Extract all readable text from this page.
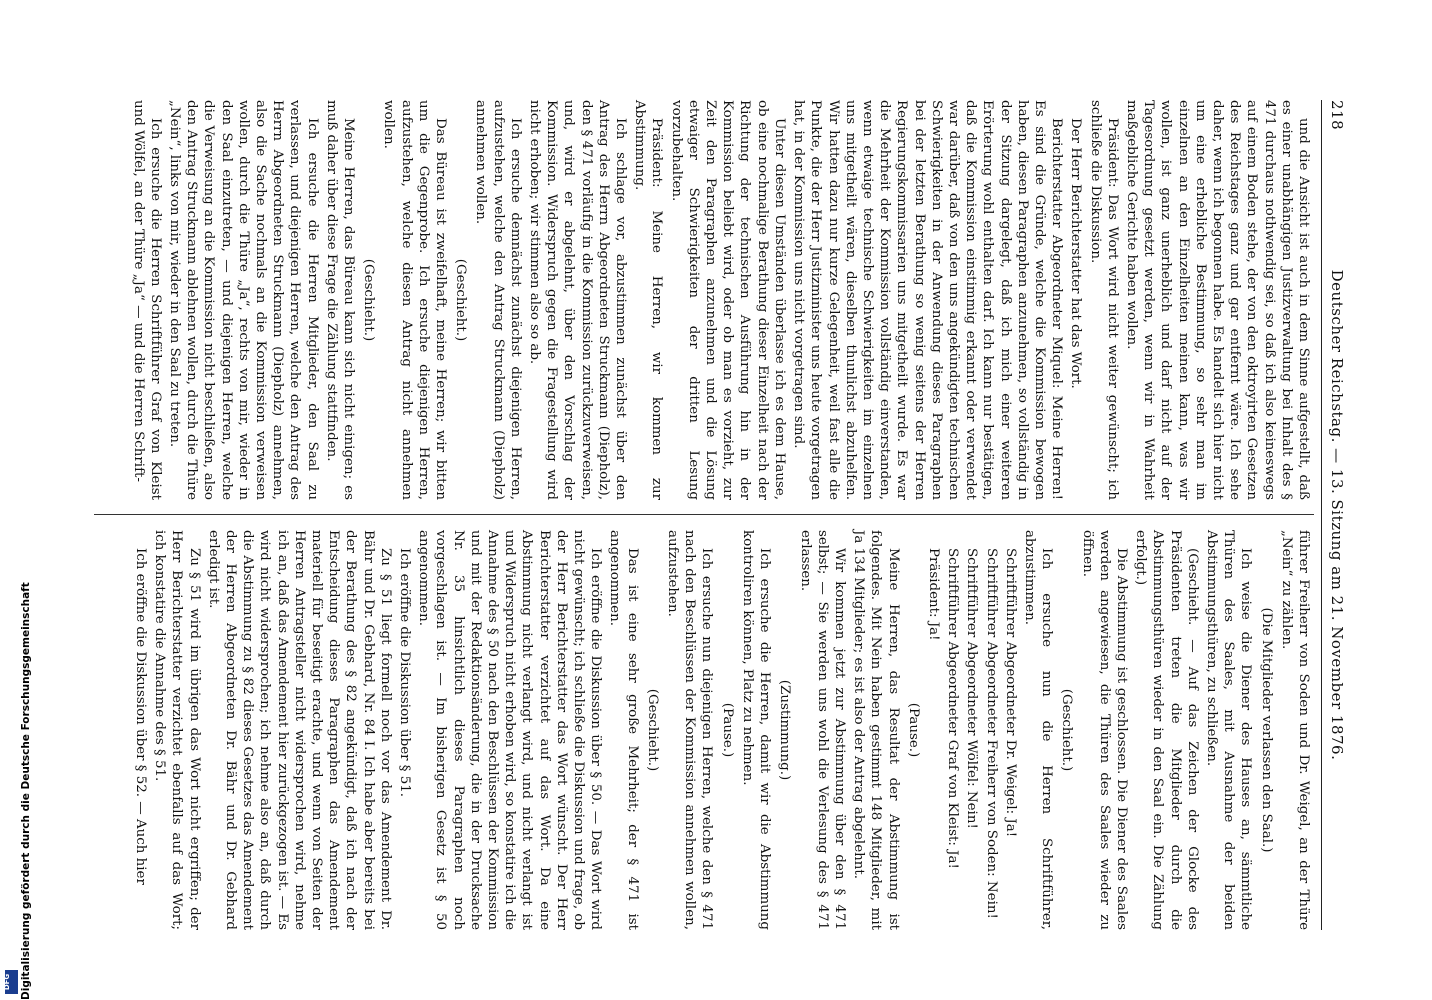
218
Deutscher Reichstag. — 13. Sitzung am 21. November 1876.

und die Ansicht ist auch in dem Sinne aufgestellt, daß es einer unabhängigen Justizverwaltung bei Inhalt des § 471 durchaus nothwendig sei, so daß ich also keineswegs auf einem Boden stehe, der von den oktroyirten Gesetzen des Reichstages ganz und gar entfernt wäre. Ich sehe daher, wenn ich begonnen habe. Es handelt sich hier nicht um eine erhebliche Bestimmung, so sehr man im einzelnen an den Einzelheiten meinen kann, was wir wollen, ist ganz unerheblich und darf nicht auf der Tagesordnung gesetzt werden, wenn wir in Wahrheit maßgebliche Gerichte haben wollen.

Präsident: Das Wort wird nicht weiter gewünscht; ich schließe die Diskussion.

Der Herr Berichterstatter hat das Wort.

Berichterstatter Abgeordneter Miquel: Meine Herren! Es sind die Gründe, welche die Kommission bewogen haben, diesen Paragraphen anzunehmen, so vollständig in der Sitzung dargelegt, daß ich mich einer weiteren Erörterung wohl enthalten darf. Ich kann nur bestätigen, daß die Kommission einstimmig erkannt oder verwendet war darüber, daß von den uns angekündigten technischen Schwierigkeiten in der Anwendung dieses Paragraphen bei der letzten Berathung so wenig seitens der Herren Regierungskommissarien uns mitgetheilt wurde. Es war die Mehrheit der Kommission vollständig einverstanden, wenn etwaige technische Schwierigkeiten im einzelnen uns mitgetheilt wären, dieselben thunlichst abzuhelfen. Wir hatten dazu nur kurze Gelegenheit, weil fast alle die Punkte, die der Herr Justizminister uns heute vorgetragen hat, in der Kommission uns nicht vorgetragen sind.

Unter diesen Umständen überlasse ich es dem Hause, ob eine nochmalige Berathung dieser Einzelheit nach der Richtung der technischen Ausführung hin in der Kommission beliebt wird, oder ob man es vorzieht, zur Zeit den Paragraphen anzunehmen und die Lösung etwaiger Schwierigkeiten der dritten Lesung vorzubehalten.

Präsident: Meine Herren, wir kommen zur Abstimmung.

Ich schlage vor, abzustimmen zunächst über den Antrag des Herrn Abgeordneten Struckmann (Diepholz), den § 471 vorläufig in die Kommission zurückzuverweisen, und, wird er abgelehnt, über den Vorschlag der Kommission. Widerspruch gegen die Fragestellung wird nicht erhoben; wir stimmen also so ab.

Ich ersuche demnächst zunächst diejenigen Herren, aufzustehen, welche den Antrag Struckmann (Diepholz) annehmen wollen.

(Geschieht.)

Das Büreau ist zweifelhaft, meine Herren; wir bitten um die Gegenprobe. Ich ersuche diejenigen Herren, aufzustehen, welche diesen Antrag nicht annehmen wollen.

(Geschieht.)

Meine Herren, das Büreau kann sich nicht einigen; es muß daher über diese Frage die Zählung stattfinden.

Ich ersuche die Herren Mitglieder, den Saal zu verlassen, und diejenigen Herren, welche den Antrag des Herrn Abgeordneten Struckmann (Diepholz) annehmen, also die Sache nochmals an die Kommission verweisen wollen, durch die Thüre „Ja“, rechts von mir, wieder in den Saal einzutreten, — und diejenigen Herren, welche die Verweisung an die Kommission nicht beschließen, also den Antrag Struckmann ablehnen wollen, durch die Thüre „Nein“, links von mir, wieder in den Saal zu treten.

Ich ersuche die Herren Schriftführer Graf von Kleist und Wölfel, an der Thüre „Ja“ — und die Herren Schrift-

führer Freiherr von Soden und Dr. Weigel, an der Thüre „Nein“ zu zählen.

(Die Mitglieder verlassen den Saal.)

Ich weise die Diener des Hauses an, sämmtliche Thüren des Saales, mit Ausnahme der beiden Abstimmungsthüren, zu schließen.

(Geschieht. — Auf das Zeichen der Glocke des Präsidenten treten die Mitglieder durch die Abstimmungsthüren wieder in den Saal ein. Die Zählung erfolgt.)

Die Abstimmung ist geschlossen. Die Diener des Saales werden angewiesen, die Thüren des Saales wieder zu öffnen.

(Geschieht.)

Ich ersuche nun die Herren Schriftführer, abzustimmen.

Schriftführer Abgeordneter Dr. Weigel: Ja!

Schriftführer Abgeordneter Freiherr von Soden: Nein!

Schriftführer Abgeordneter Wölfel: Nein!

Schriftführer Abgeordneter Graf von Kleist: Ja!

Präsident: Ja!

(Pause.)

Meine Herren, das Resultat der Abstimmung ist folgendes. Mit Nein haben gestimmt 148 Mitglieder, mit Ja 134 Mitglieder; es ist also der Antrag abgelehnt.

Wir kommen jetzt zur Abstimmung über den § 471 selbst; — Sie werden uns wohl die Verlesung des § 471 erlassen.

(Zustimmung.)

Ich ersuche die Herren, damit wir die Abstimmung kontroliren können, Platz zu nehmen.

(Pause.)

Ich ersuche nun diejenigen Herren, welche den § 471 nach den Beschlüssen der Kommission annehmen wollen, aufzustehen.

(Geschieht.)

Das ist eine sehr große Mehrheit; der § 471 ist angenommen.

Ich eröffne die Diskussion über § 50. — Das Wort wird nicht gewünscht; ich schließe die Diskussion und frage, ob der Herr Berichterstatter das Wort wünscht. Der Herr Berichterstatter verzichtet auf das Wort. Da eine Abstimmung nicht verlangt wird, und nicht verlangt ist und Widerspruch nicht erhoben wird, so konstatire ich die Annahme des § 50 nach den Beschlüssen der Kommission und mit der Redaktionsänderung, die in der Drucksache Nr. 35 hinsichtlich dieses Paragraphen noch vorgeschlagen ist. — Im bisherigen Gesetz ist § 50 angenommen.

Ich eröffne die Diskussion über § 51.

Zu § 51 liegt formell noch vor das Amendement Dr. Bähr und Dr. Gebhard, Nr. 84 I. Ich habe aber bereits bei der Berathung des § 82 angekündigt, daß ich nach der Entscheidung dieses Paragraphen das Amendement materiell für beseitigt erachte, und wenn von Seiten der Herren Antragsteller nicht widersprochen wird, nehme ich an, daß das Amendement hier zurückgezogen ist. — Es wird nicht widersprochen; ich nehme also an, daß durch die Abstimmung zu § 82 dieses Gesetzes das Amendement der Herren Abgeordneten Dr. Bähr und Dr. Gebhard erledigt ist.

Zu § 51 wird im übrigen das Wort nicht ergriffen; der Herr Berichterstatter verzichtet ebenfalls auf das Wort; ich konstatire die Annahme des § 51.

Ich eröffne die Diskussion über § 52. — Auch hier

Digitalisierung gefördert durch die Deutsche Forschungsgemeinschaft
DFG
